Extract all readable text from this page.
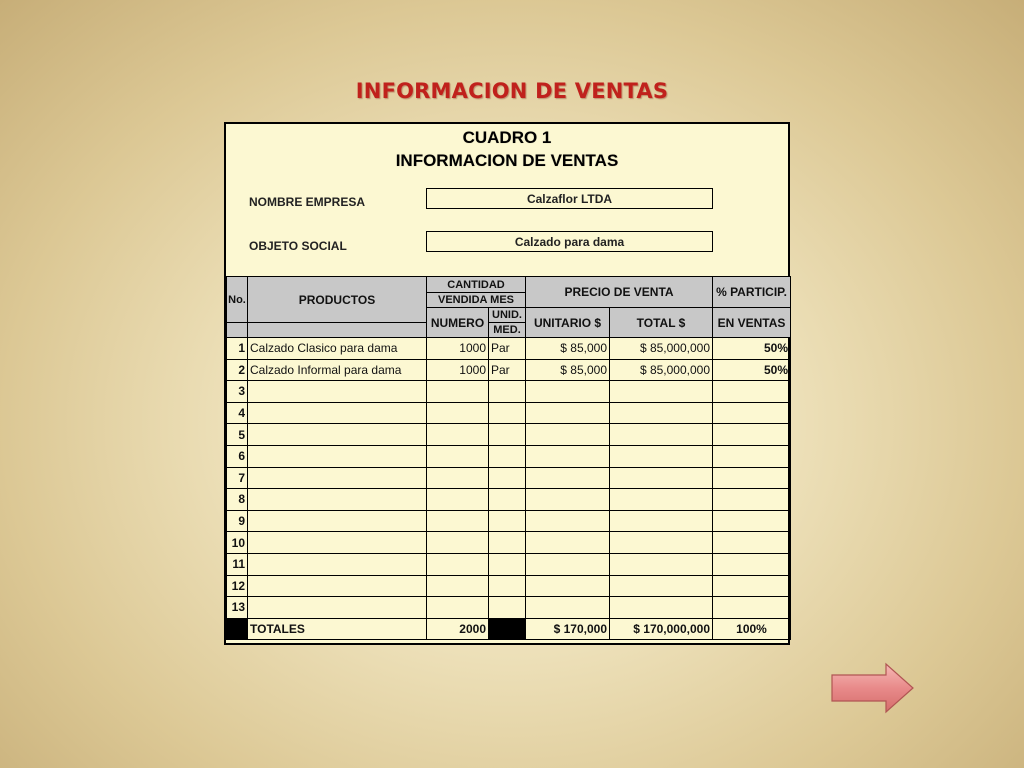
INFORMACION DE VENTAS
CUADRO 1
INFORMACION DE VENTAS
NOMBRE EMPRESA	Calzaflor LTDA
OBJETO SOCIAL	Calzado para dama
No.	PRODUCTOS	CANTIDAD		PRECIO DE VENTA		% PARTICIP.
		VENDIDA MES				
		NUMERO	UNID.	UNITARIO $	TOTAL $	EN VENTAS
			MED.			
1	Calzado Clasico para dama	1000	Par	$ 85,000	$ 85,000,000	50%
2	Calzado Informal para dama	1000	Par	$ 85,000	$ 85,000,000	50%
3						
4						
5						
6						
7						
8						
9						
10						
11						
12						
13						
	TOTALES	2000		$ 170,000	$ 170,000,000	100%
